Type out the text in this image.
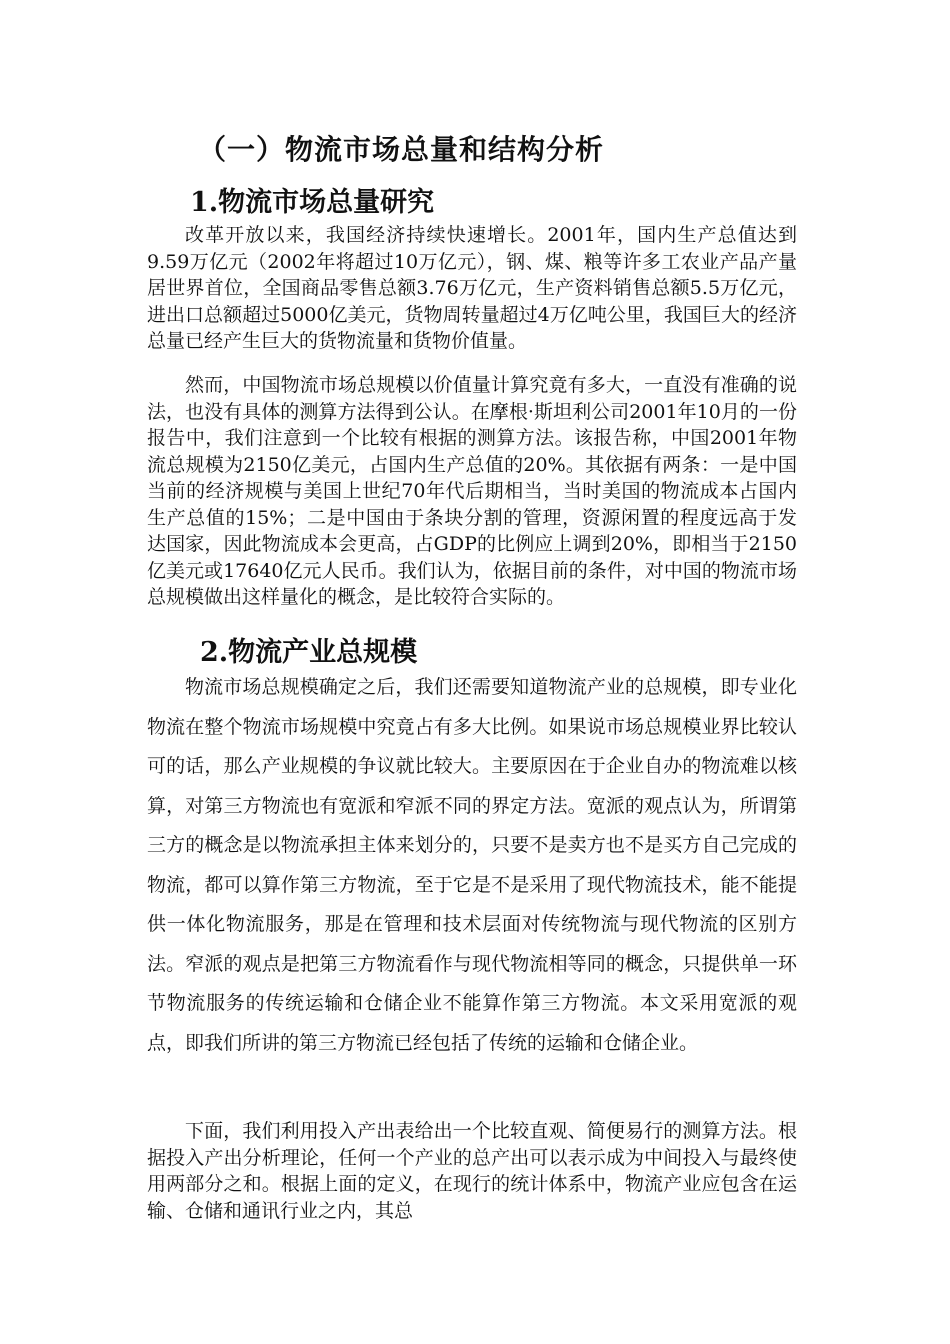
（一）物流市场总量和结构分析
1.物流市场总量研究
改革开放以来，我国经济持续快速增长。2001年，国内生产总值达到9.59万亿元（2002年将超过10万亿元），钢、煤、粮等许多工农业产品产量居世界首位，全国商品零售总额3.76万亿元，生产资料销售总额5.5万亿元，进出口总额超过5000亿美元，货物周转量超过4万亿吨公里，我国巨大的经济总量已经产生巨大的货物流量和货物价值量。
然而，中国物流市场总规模以价值量计算究竟有多大，一直没有准确的说法，也没有具体的测算方法得到公认。在摩根·斯坦利公司2001年10月的一份报告中，我们注意到一个比较有根据的测算方法。该报告称，中国2001年物流总规模为2150亿美元，占国内生产总值的20%。其依据有两条：一是中国当前的经济规模与美国上世纪70年代后期相当，当时美国的物流成本占国内生产总值的15%；二是中国由于条块分割的管理，资源闲置的程度远高于发达国家，因此物流成本会更高，占GDP的比例应上调到20%，即相当于2150亿美元或17640亿元人民币。我们认为，依据目前的条件，对中国的物流市场总规模做出这样量化的概念，是比较符合实际的。
2.物流产业总规模
物流市场总规模确定之后，我们还需要知道物流产业的总规模，即专业化物流在整个物流市场规模中究竟占有多大比例。如果说市场总规模业界比较认可的话，那么产业规模的争议就比较大。主要原因在于企业自办的物流难以核算，对第三方物流也有宽派和窄派不同的界定方法。宽派的观点认为，所谓第三方的概念是以物流承担主体来划分的，只要不是卖方也不是买方自己完成的物流，都可以算作第三方物流，至于它是不是采用了现代物流技术，能不能提供一体化物流服务，那是在管理和技术层面对传统物流与现代物流的区别方法。窄派的观点是把第三方物流看作与现代物流相等同的概念，只提供单一环节物流服务的传统运输和仓储企业不能算作第三方物流。本文采用宽派的观点，即我们所讲的第三方物流已经包括了传统的运输和仓储企业。
下面，我们利用投入产出表给出一个比较直观、简便易行的测算方法。根据投入产出分析理论，任何一个产业的总产出可以表示成为中间投入与最终使用两部分之和。根据上面的定义，在现行的统计体系中，物流产业应包含在运输、仓储和通讯行业之内，其总
